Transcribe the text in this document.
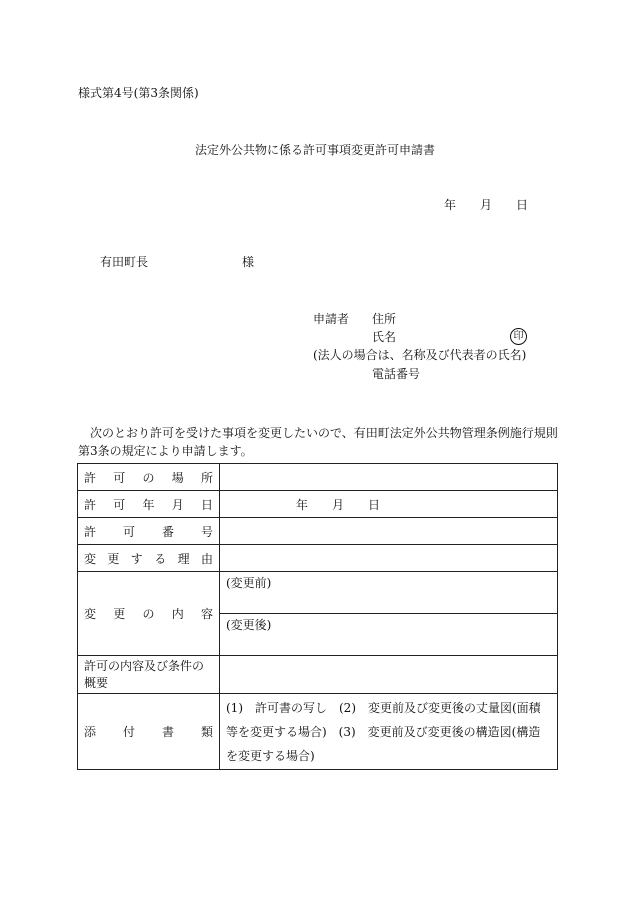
様式第4号(第3条関係)
法定外公共物に係る許可事項変更許可申請書
年 月 日
有田町長	様
申請者 住所
氏名	印
(法人の場合は、名称及び代表者の氏名)
電話番号
次のとおり許可を受けた事項を変更したいので、有田町法定外公共物管理条例施行規則
第3条の規定により申請します。
許可の場所	
許可年月日	年 月 日
許可番号	
変更する理由	
変更の内容	(変更前)
	(変更後)
許可の内容及び条件の概要	
添付書類	(1)　許可書の写し　(2)　変更前及び変更後の丈量図(面積等を変更する場合)　(3)　変更前及び変更後の構造図(構造を変更する場合)
